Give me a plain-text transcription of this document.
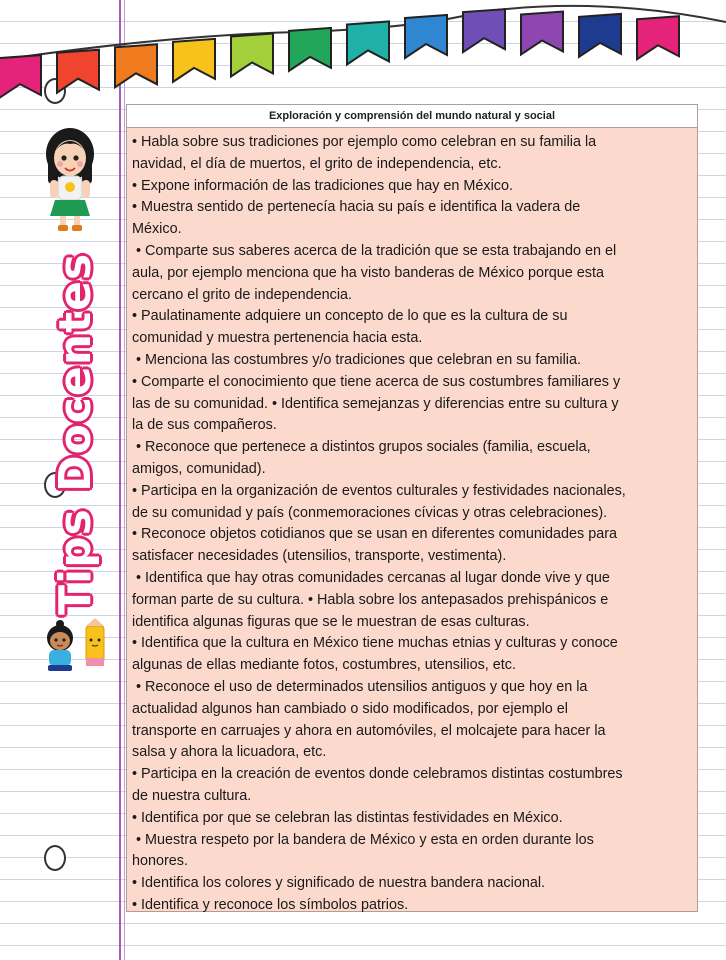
Tips Docentes
Exploración y comprensión del mundo natural y social

• Habla sobre sus tradiciones por ejemplo como celebran en su familia la

navidad, el día de muertos, el grito de independencia, etc.

• Expone información de las tradiciones que hay en México.

• Muestra sentido de pertenecía hacia su país e identifica la vadera de

México.

• Comparte sus saberes acerca de la tradición que se esta trabajando en el

aula, por ejemplo menciona que ha visto banderas de México porque esta

cercano el grito de independencia.

• Paulatinamente adquiere un concepto de lo que es la cultura de su

comunidad y muestra pertenencia hacia esta.

• Menciona las costumbres y/o tradiciones que celebran en su familia.

• Comparte el conocimiento que tiene acerca de sus costumbres familiares y

las de su comunidad. • Identifica semejanzas y diferencias entre su cultura y

la de sus compañeros.

• Reconoce que pertenece a distintos grupos sociales (familia, escuela,

amigos, comunidad).

• Participa en la organización de eventos culturales y festividades nacionales,

de su comunidad y país (conmemoraciones cívicas y otras celebraciones).

• Reconoce objetos cotidianos que se usan en diferentes comunidades para

satisfacer necesidades (utensilios, transporte, vestimenta).

• Identifica que hay otras comunidades cercanas al lugar donde vive y que

forman parte de su cultura. • Habla sobre los antepasados prehispánicos e

identifica algunas figuras que se le muestran de esas culturas.

• Identifica que la cultura en México tiene muchas etnias y culturas y conoce

algunas de ellas mediante fotos, costumbres, utensilios, etc.

• Reconoce el uso de determinados utensilios antiguos y que hoy en la

actualidad algunos han cambiado o sido modificados, por ejemplo el

transporte en carruajes y ahora en automóviles, el molcajete para hacer la

salsa y ahora la licuadora, etc.

• Participa en la creación de eventos donde celebramos distintas costumbres

de nuestra cultura.

• Identifica por que se celebran las distintas festividades en México.

• Muestra respeto por la bandera de México y esta en orden durante los

honores.

• Identifica los colores y significado de nuestra bandera nacional.

• Identifica y reconoce los símbolos patrios.
